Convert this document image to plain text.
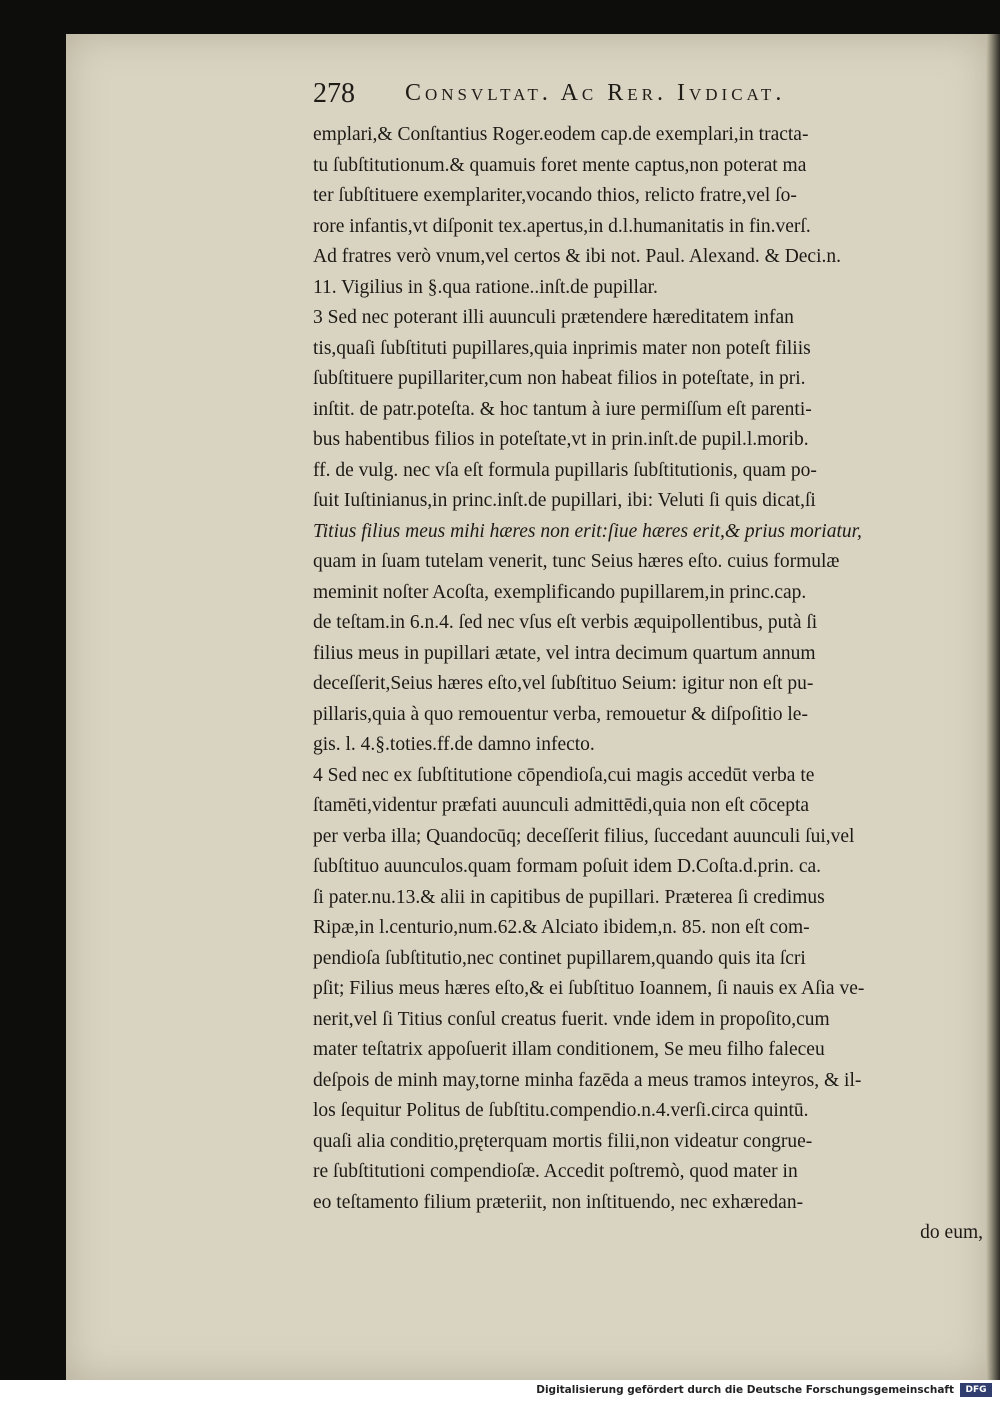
278 Consvltat. Ac Rer. Ivdicat.
emplari,& Conſtantius Roger.eodem cap.de exemplari,in tracta-
tu ſubſtitutionum.& quamuis foret mente captus,non poterat ma
ter ſubſtituere exemplariter,vocando thios, relicto fratre,vel ſo-
rore infantis,vt diſponit tex.apertus,in d.l.humanitatis in fin.verſ.
Ad fratres verò vnum,vel certos & ibi not. Paul. Alexand. & Deci.n.
11. Vigilius in §.qua ratione..inſt.de pupillar.
3 Sed nec poterant illi auunculi prætendere hæreditatem infan
tis,quaſi ſubſtituti pupillares,quia inprimis mater non poteſt filiis
ſubſtituere pupillariter,cum non habeat filios in poteſtate, in pri.
inſtit. de patr.poteſta. & hoc tantum à iure permiſſum eſt parenti-
bus habentibus filios in poteſtate,vt in prin.inſt.de pupil.l.morib.
ff. de vulg. nec vſa eſt formula pupillaris ſubſtitutionis, quam po-
ſuit Iuſtinianus,in princ.inſt.de pupillari, ibi: Veluti ſi quis dicat,ſi
Titius filius meus mihi hæres non erit:ſiue hæres erit,& prius moriatur,
quam in ſuam tutelam venerit, tunc Seius hæres eſto. cuius formulæ
meminit noſter Acoſta, exemplificando pupillarem,in princ.cap.
de teſtam.in 6.n.4. ſed nec vſus eſt verbis æquipollentibus, putà ſi
filius meus in pupillari ætate, vel intra decimum quartum annum
deceſſerit,Seius hæres eſto,vel ſubſtituo Seium: igitur non eſt pu-
pillaris,quia à quo remouentur verba, remouetur & diſpoſitio le-
gis. l. 4.§.toties.ff.de damno infecto.
4 Sed nec ex ſubſtitutione cōpendioſa,cui magis accedūt verba te
ſtamēti,videntur præfati auunculi admittēdi,quia non eſt cōcepta
per verba illa; Quandocūq; deceſſerit filius, ſuccedant auunculi ſui,vel
ſubſtituo auunculos.quam formam poſuit idem D.Coſta.d.prin. ca.
ſi pater.nu.13.& alii in capitibus de pupillari. Præterea ſi credimus
Ripæ,in l.centurio,num.62.& Alciato ibidem,n. 85. non eſt com-
pendioſa ſubſtitutio,nec continet pupillarem,quando quis ita ſcri
pſit; Filius meus hæres eſto,& ei ſubſtituo Ioannem, ſi nauis ex Aſia ve-
nerit,vel ſi Titius conſul creatus fuerit. vnde idem in propoſito,cum
mater teſtatrix appoſuerit illam conditionem, Se meu filho faleceu
deſpois de minh may,torne minha fazēda a meus tramos inteyros, & il-
los ſequitur Politus de ſubſtitu.compendio.n.4.verſi.circa quintū.
quaſi alia conditio,pręterquam mortis filii,non videatur congrue-
re ſubſtitutioni compendioſæ. Accedit poſtremò, quod mater in
eo teſtamento filium præteriit, non inſtituendo, nec exhæredan-
do eum,
Digitalisierung gefördert durch die Deutsche Forschungsgemeinschaft	DFG
